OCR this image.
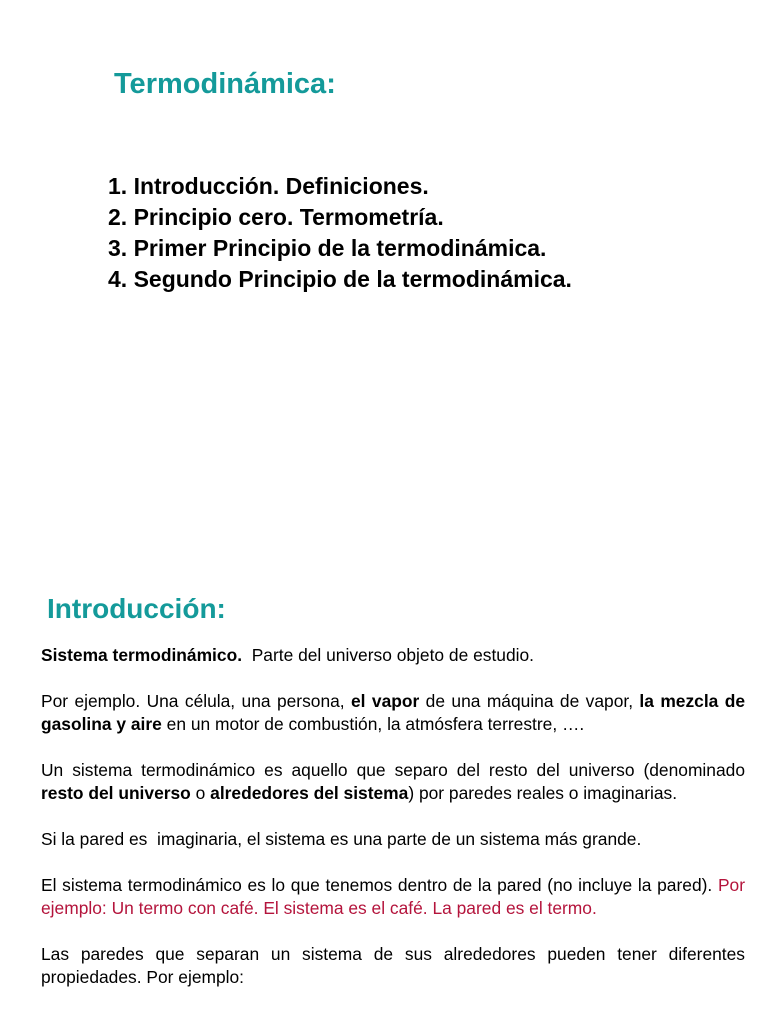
Termodinámica:
1. Introducción. Definiciones.
2. Principio cero. Termometría.
3. Primer Principio de la termodinámica.
4. Segundo Principio de la termodinámica.
Introducción:

Sistema termodinámico.  Parte del universo objeto de estudio.

Por ejemplo. Una célula, una persona, el vapor de una máquina de vapor, la mezcla de gasolina y aire en un motor de combustión, la atmósfera terrestre, ….

Un sistema termodinámico es aquello que separo del resto del universo (denominado resto del universo o alrededores del sistema) por paredes reales o imaginarias.

Si la pared es  imaginaria, el sistema es una parte de un sistema más grande.

El sistema termodinámico es lo que tenemos dentro de la pared (no incluye la pared). Por ejemplo: Un termo con café. El sistema es el café. La pared es el termo.

Las paredes que separan un sistema de sus alrededores pueden tener diferentes propiedades. Por ejemplo:
